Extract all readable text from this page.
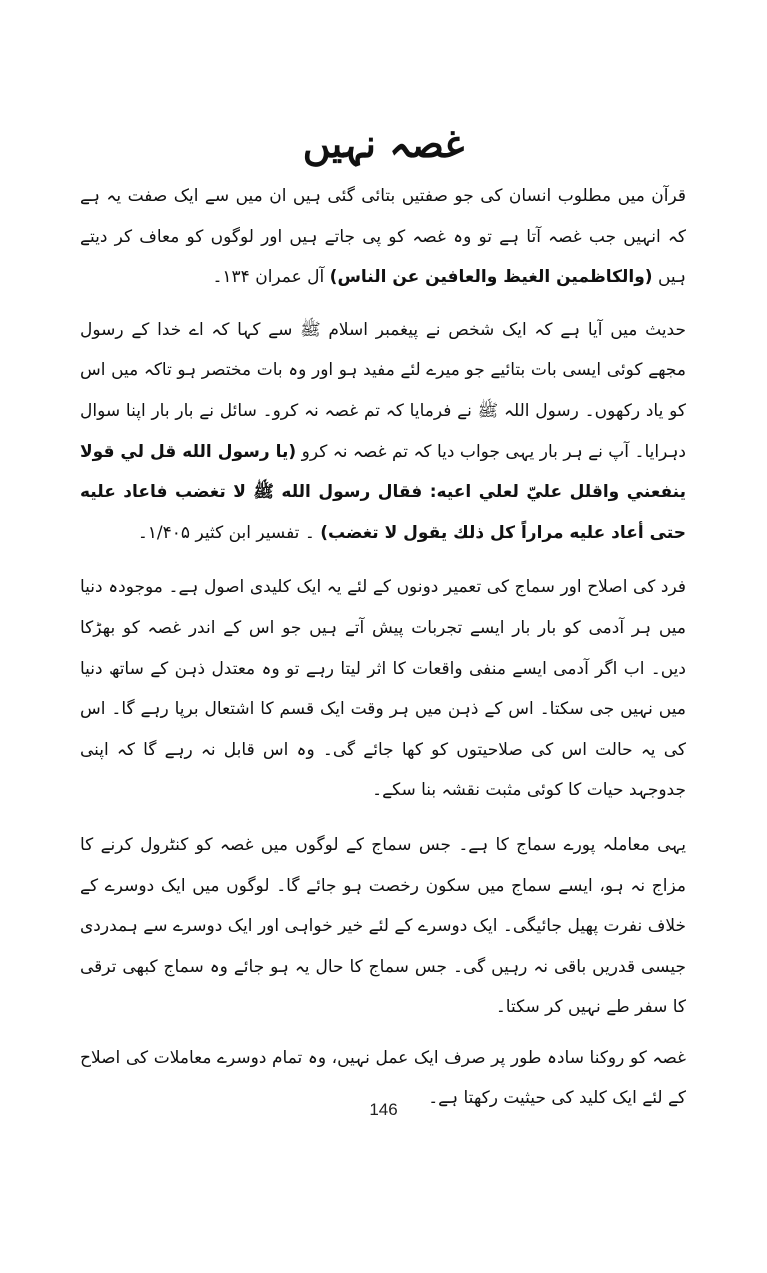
غصہ نہیں

قرآن میں مطلوب انسان کی جو صفتیں بتائی گئی ہیں ان میں سے ایک صفت یہ ہے کہ انہیں جب غصہ آتا ہے تو وہ غصہ کو پی جاتے ہیں اور لوگوں کو معاف کر دیتے ہیں (والکاظمین الغیظ والعافین عن الناس) آل عمران ۱۳۴۔

حدیث میں آیا ہے کہ ایک شخص نے پیغمبر اسلام ﷺ سے کہا کہ اے خدا کے رسول مجھے کوئی ایسی بات بتائیے جو میرے لئے مفید ہو اور وہ بات مختصر ہو تاکہ میں اس کو یاد رکھوں۔ رسول اللہ ﷺ نے فرمایا کہ تم غصہ نہ کرو۔ سائل نے بار بار اپنا سوال دہرایا۔ آپ نے ہر بار یہی جواب دیا کہ تم غصہ نہ کرو (یا رسول الله قل لي قولا ینفعني واقلل عليّ لعلي اعیه: فقال رسول الله ﷺ لا تغضب فاعاد علیه حتی أعاد علیه مراراً کل ذلك یقول لا تغضب) ۔ تفسیر ابن کثیر ۱/۴۰۵۔

فرد کی اصلاح اور سماج کی تعمیر دونوں کے لئے یہ ایک کلیدی اصول ہے۔ موجودہ دنیا میں ہر آدمی کو بار بار ایسے تجربات پیش آتے ہیں جو اس کے اندر غصہ کو بھڑکا دیں۔ اب اگر آدمی ایسے منفی واقعات کا اثر لیتا رہے تو وہ معتدل ذہن کے ساتھ دنیا میں نہیں جی سکتا۔ اس کے ذہن میں ہر وقت ایک قسم کا اشتعال برپا رہے گا۔ اس کی یہ حالت اس کی صلاحیتوں کو کھا جائے گی۔ وہ اس قابل نہ رہے گا کہ اپنی جدوجہد حیات کا کوئی مثبت نقشہ بنا سکے۔

یہی معاملہ پورے سماج کا ہے۔ جس سماج کے لوگوں میں غصہ کو کنٹرول کرنے کا مزاج نہ ہو، ایسے سماج میں سکون رخصت ہو جائے گا۔ لوگوں میں ایک دوسرے کے خلاف نفرت پھیل جائیگی۔ ایک دوسرے کے لئے خیر خواہی اور ایک دوسرے سے ہمدردی جیسی قدریں باقی نہ رہیں گی۔ جس سماج کا حال یہ ہو جائے وہ سماج کبھی ترقی کا سفر طے نہیں کر سکتا۔

غصہ کو روکنا سادہ طور پر صرف ایک عمل نہیں، وہ تمام دوسرے معاملات کی اصلاح کے لئے ایک کلید کی حیثیت رکھتا ہے۔

146
